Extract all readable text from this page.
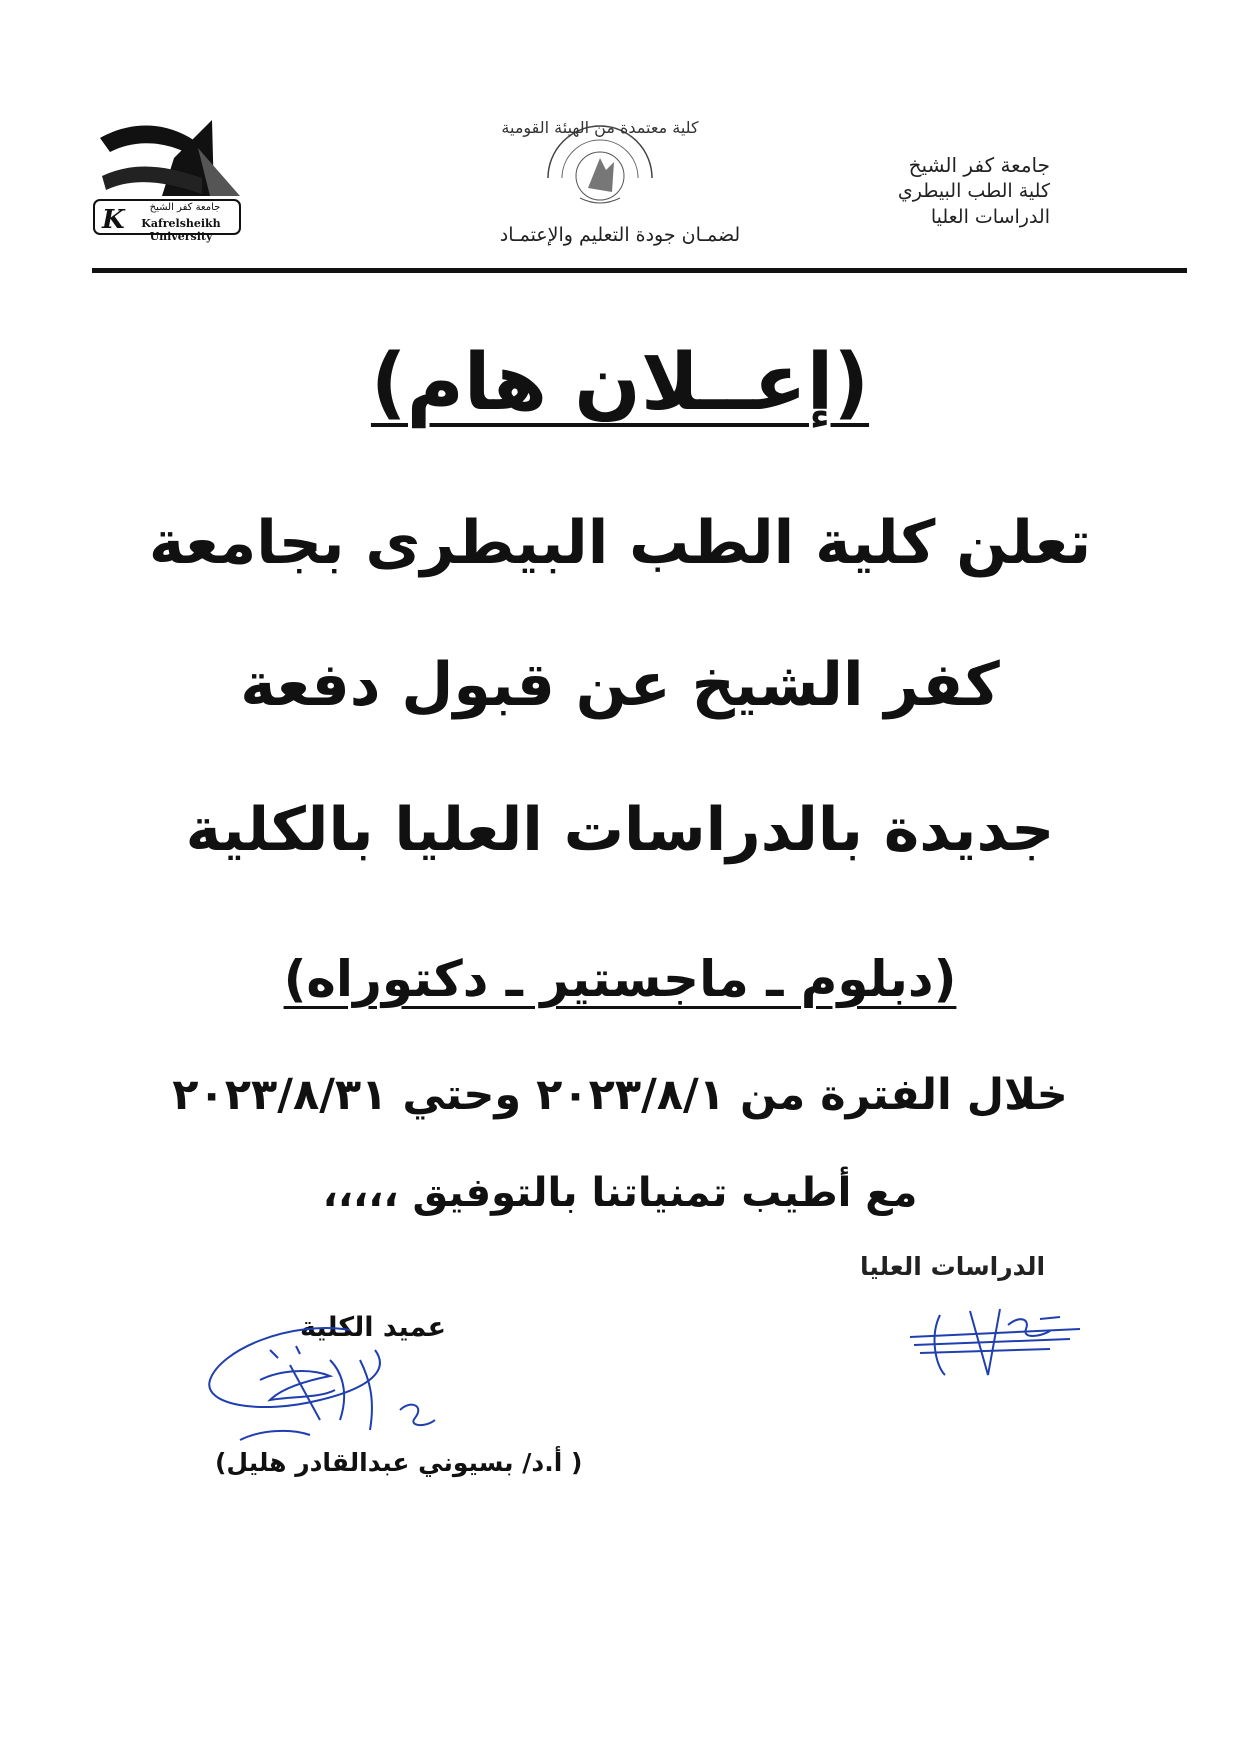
K	جامعة كفر الشيخ
Kafrelsheikh University
كلية معتمدة من الهيئة القومية
لضمـان جودة التعليم والإعتمـاد
جامعة كفر الشيخ
كلية الطب البيطري
الدراسات العليا
(إعــلان هام)
تعلن كلية الطب البيطرى بجامعة
كفر الشيخ عن قبول دفعة
جديدة بالدراسات العليا بالكلية
(دبلوم ـ ماجستير ـ دكتوراه)
خلال الفترة من ٢٠٢٣/٨/١ وحتي ٢٠٢٣/٨/٣١
مع أطيب تمنياتنا بالتوفيق ،،،،،
الدراسات العليا
عميد الكلية
( أ.د/ بسيوني عبدالقادر هليل)
